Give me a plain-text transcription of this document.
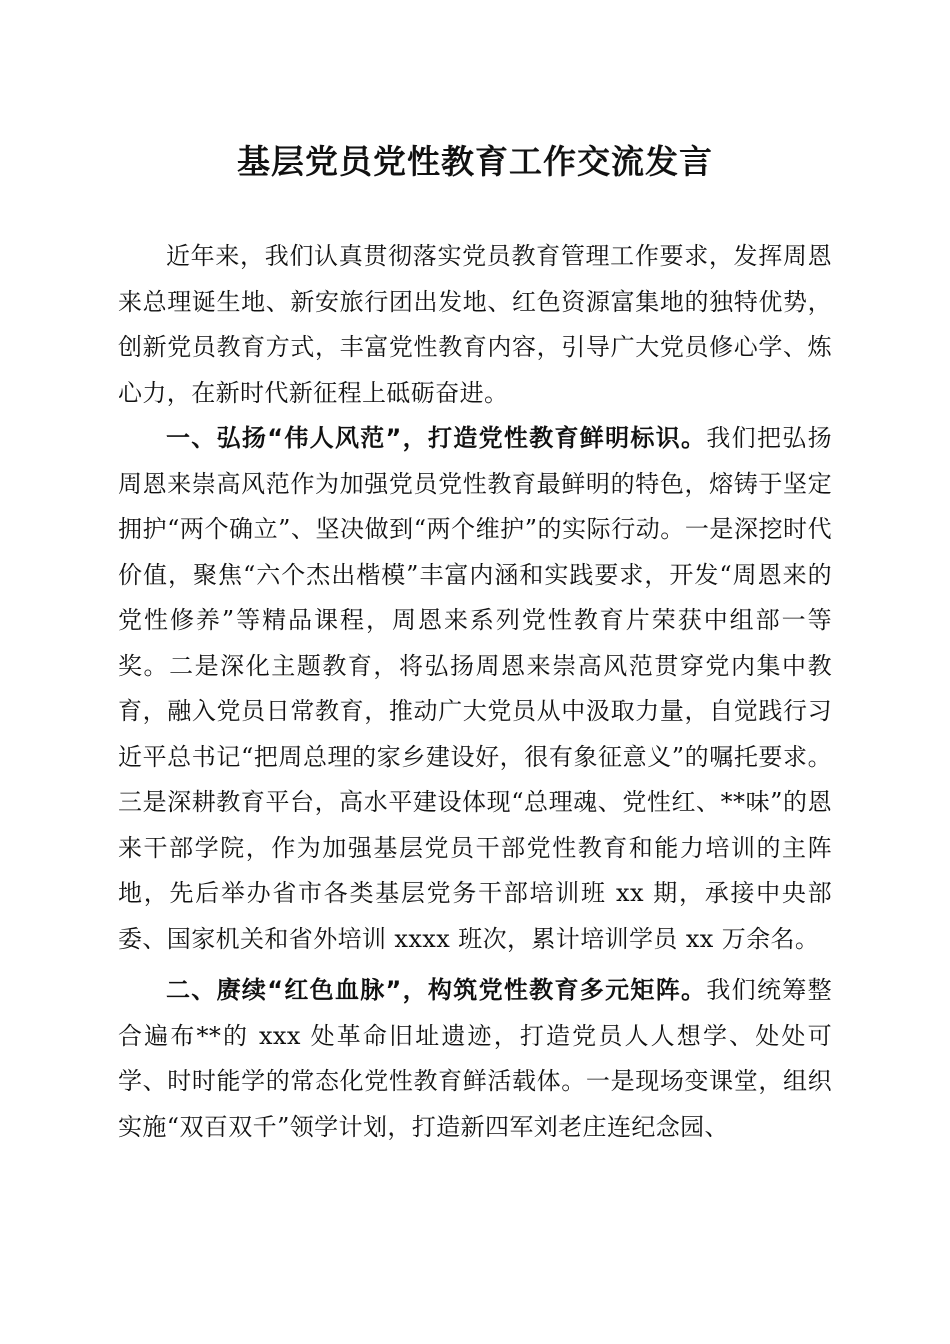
基层党员党性教育工作交流发言

近年来，我们认真贯彻落实党员教育管理工作要求，发挥周恩来总理诞生地、新安旅行团出发地、红色资源富集地的独特优势，创新党员教育方式，丰富党性教育内容，引导广大党员修心学、炼心力，在新时代新征程上砥砺奋进。

一、弘扬“伟人风范”，打造党性教育鲜明标识。我们把弘扬周恩来崇高风范作为加强党员党性教育最鲜明的特色，熔铸于坚定拥护“两个确立”、坚决做到“两个维护”的实际行动。一是深挖时代价值，聚焦“六个杰出楷模”丰富内涵和实践要求，开发“周恩来的党性修养”等精品课程，周恩来系列党性教育片荣获中组部一等奖。二是深化主题教育，将弘扬周恩来崇高风范贯穿党内集中教育，融入党员日常教育，推动广大党员从中汲取力量，自觉践行习近平总书记“把周总理的家乡建设好，很有象征意义”的嘱托要求。三是深耕教育平台，高水平建设体现“总理魂、党性红、**味”的恩来干部学院，作为加强基层党员干部党性教育和能力培训的主阵地，先后举办省市各类基层党务干部培训班 xx 期，承接中央部委、国家机关和省外培训 xxxx 班次，累计培训学员 xx 万余名。

二、赓续“红色血脉”，构筑党性教育多元矩阵。我们统筹整合遍布**的 xxx 处革命旧址遗迹，打造党员人人想学、处处可学、时时能学的常态化党性教育鲜活载体。一是现场变课堂，组织实施“双百双千”领学计划，打造新四军刘老庄连纪念园、
